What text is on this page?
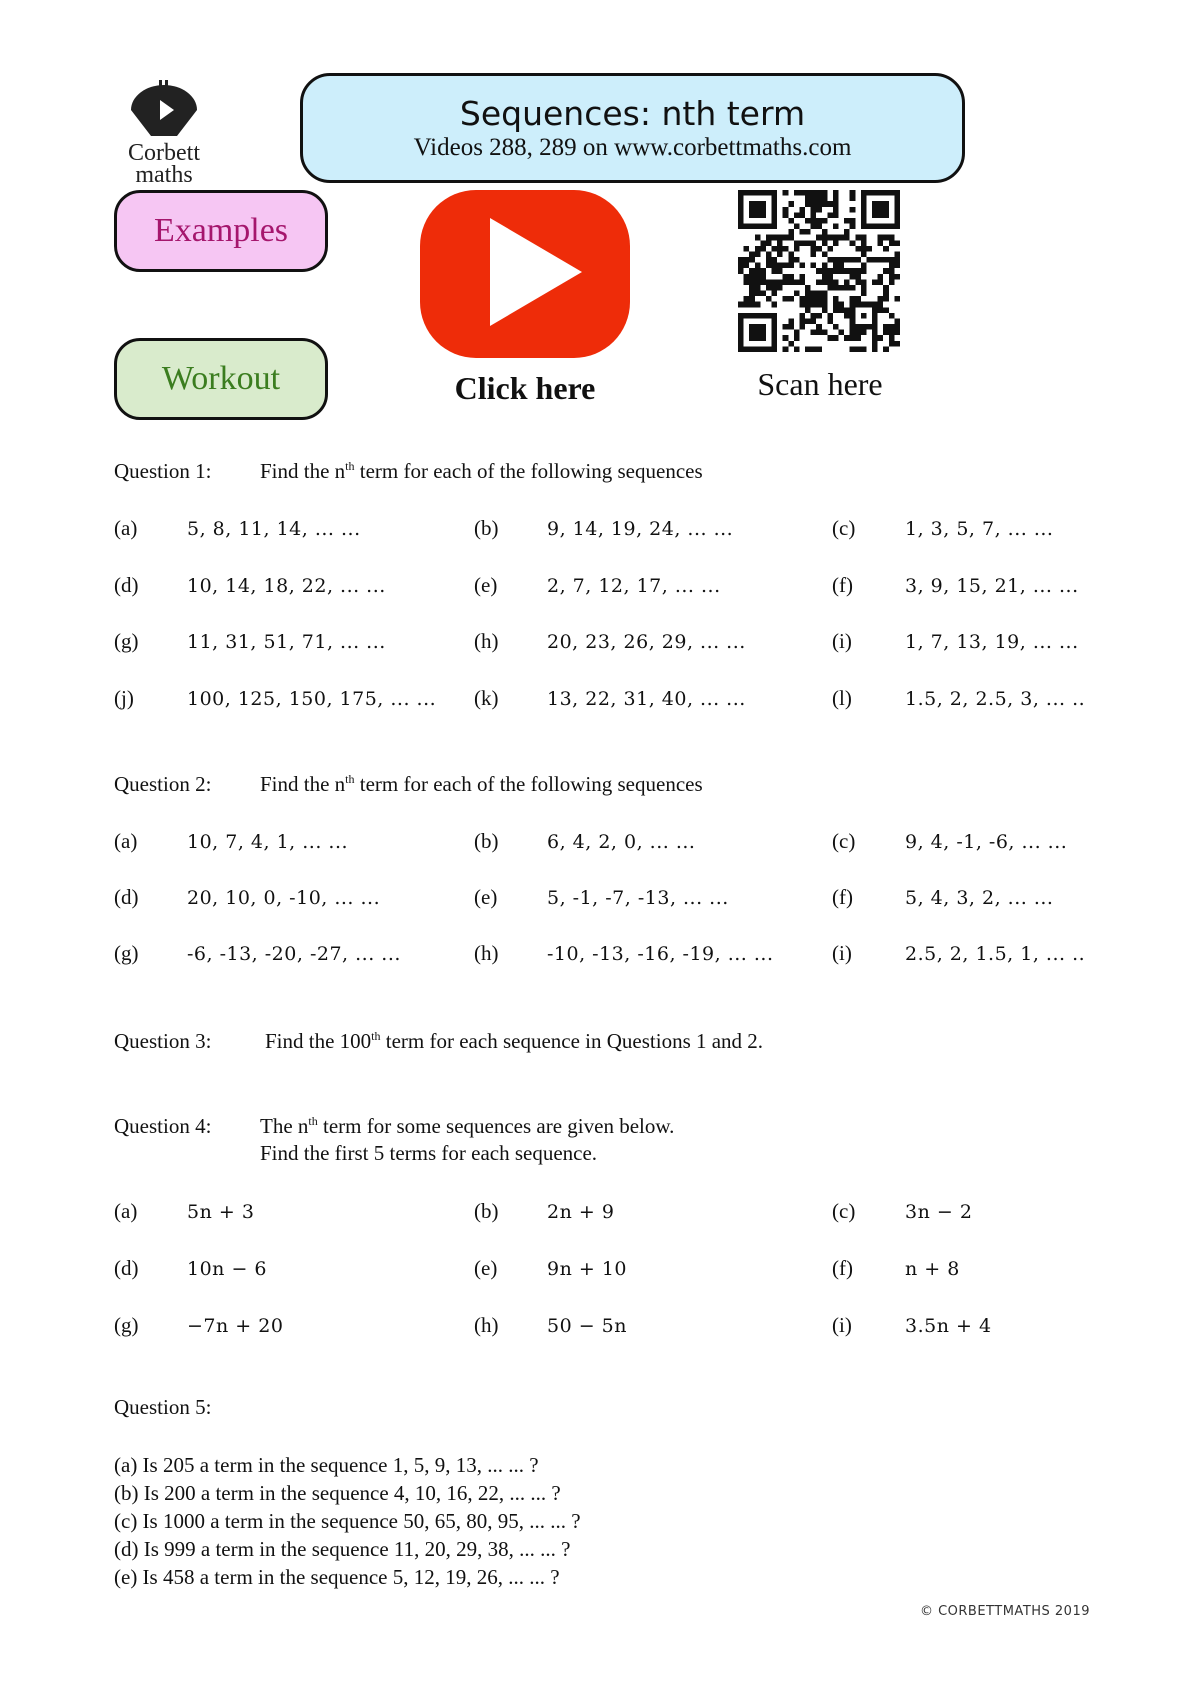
Corbett
maths
Sequences: nth term
Videos 288, 289 on www.corbettmaths.com
Examples
Workout	Click here	Scan here
Question 1: Find the $n^{th}$ term for each of the following sequences
(a)	5, 8, 11, 14, ... ...	(b)	9, 14, 19, 24, ... ...	(c)	1, 3, 5, 7, ... ...
(d)	10, 14, 18, 22, ... ...	(e)	2, 7, 12, 17, ... ...	(f)	3, 9, 15, 21, ... ...
(g)	11, 31, 51, 71, ... ...	(h)	20, 23, 26, 29, ... ...	(i)	1, 7, 13, 19, ... ...
(j)	100, 125, 150, 175, ... ... (k)	13, 22, 31, 40, ... ...	(l)	1.5, 2, 2.5, 3, ... ..
Question 2: Find the $n^{th}$ term for each of the following sequences
(a)	10, 7, 4, 1, ... ...	(b)	6, 4, 2, 0, ... ...	(c)	9, 4, -1, -6, ... ...
(d)	20, 10, 0, -10, ... ...	(e)	5, -1, -7, -13, ... ...	(f)	5, 4, 3, 2, ... ...
(g)	-6, -13, -20, -27, ... ...	(h)	-10, -13, -16, -19, ... ...	(i)	2.5, 2, 1.5, 1, ... ..
Question 3:	Find the 100th term for each sequence in Questions 1 and 2.
Question 4: The $n^{th}$ term for some sequences are given below.
Find the first 5 terms for each sequence.
(a)	5n + 3	(b)	2n + 9	(c)	3n − 2
(d)	10n − 6	(e)	9n + 10	(f)	n + 8
(g)	−7n + 20	(h)	50 − 5n	(i)	3.5n + 4
Question 5:
(a) Is 205 a term in the sequence 1, 5, 9, 13, ... ... ?
(b) Is 200 a term in the sequence 4, 10, 16, 22, ... ... ?
(c) Is 1000 a term in the sequence 50, 65, 80, 95, ... ... ?
(d) Is 999 a term in the sequence 11, 20, 29, 38, ... ... ?
(e) Is 458 a term in the sequence 5, 12, 19, 26, ... ... ?
© CORBETTMATHS 2019
